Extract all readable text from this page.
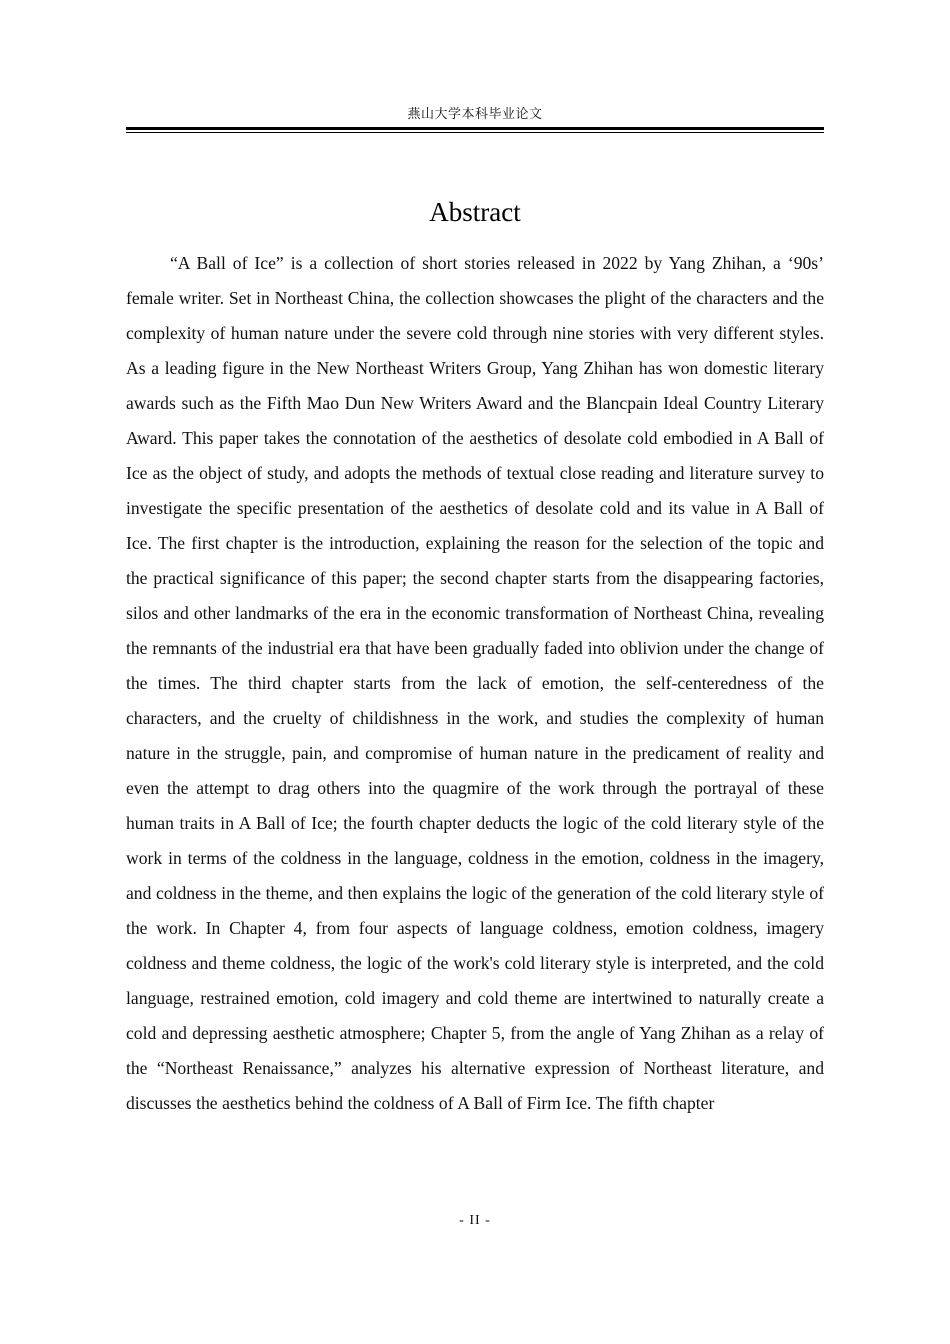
燕山大学本科毕业论文
Abstract

“A Ball of Ice” is a collection of short stories released in 2022 by Yang Zhihan, a ‘90s’ female writer. Set in Northeast China, the collection showcases the plight of the characters and the complexity of human nature under the severe cold through nine stories with very different styles. As a leading figure in the New Northeast Writers Group, Yang Zhihan has won domestic literary awards such as the Fifth Mao Dun New Writers Award and the Blancpain Ideal Country Literary Award. This paper takes the connotation of the aesthetics of desolate cold embodied in A Ball of Ice as the object of study, and adopts the methods of textual close reading and literature survey to investigate the specific presentation of the aesthetics of desolate cold and its value in A Ball of Ice. The first chapter is the introduction, explaining the reason for the selection of the topic and the practical significance of this paper; the second chapter starts from the disappearing factories, silos and other landmarks of the era in the economic transformation of Northeast China, revealing the remnants of the industrial era that have been gradually faded into oblivion under the change of the times. The third chapter starts from the lack of emotion, the self-centeredness of the characters, and the cruelty of childishness in the work, and studies the complexity of human nature in the struggle, pain, and compromise of human nature in the predicament of reality and even the attempt to drag others into the quagmire of the work through the portrayal of these human traits in A Ball of Ice; the fourth chapter deducts the logic of the cold literary style of the work in terms of the coldness in the language, coldness in the emotion, coldness in the imagery, and coldness in the theme, and then explains the logic of the generation of the cold literary style of the work. In Chapter 4, from four aspects of language coldness, emotion coldness, imagery coldness and theme coldness, the logic of the work's cold literary style is interpreted, and the cold language, restrained emotion, cold imagery and cold theme are intertwined to naturally create a cold and depressing aesthetic atmosphere; Chapter 5, from the angle of Yang Zhihan as a relay of the “Northeast Renaissance,” analyzes his alternative expression of Northeast literature, and discusses the aesthetics behind the coldness of A Ball of Firm Ice. The fifth chapter

- II -
